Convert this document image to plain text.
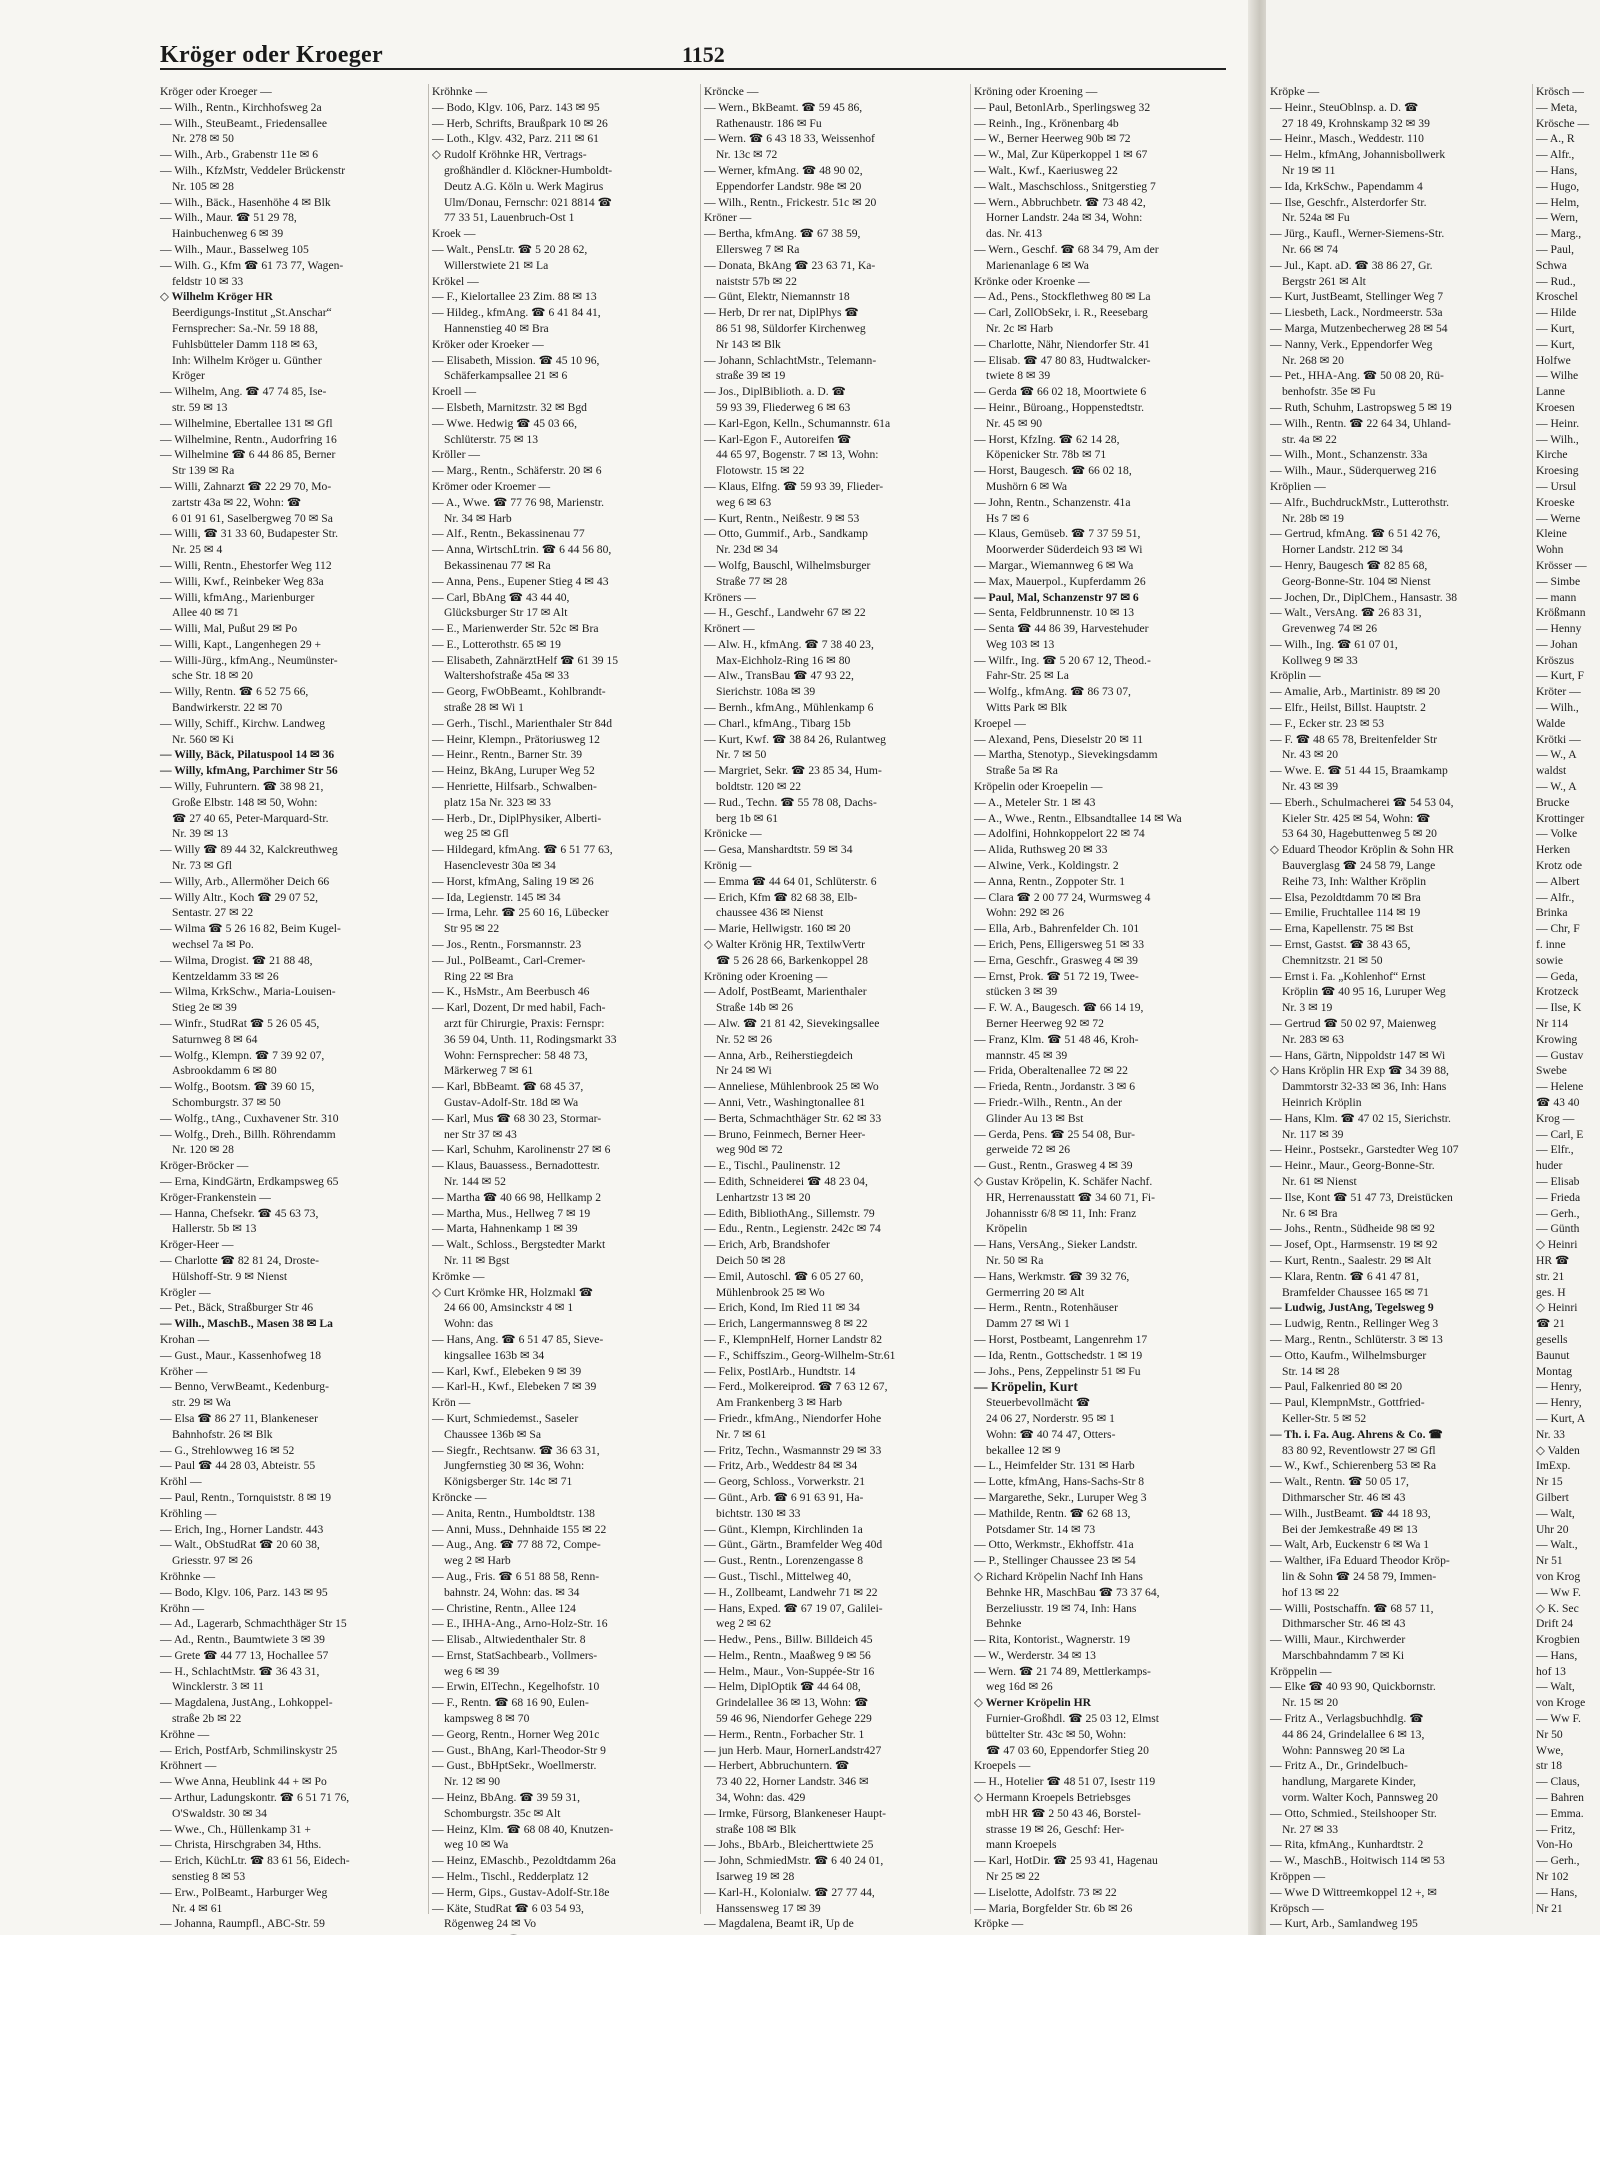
Kröger oder Kroeger	1152
Kröger oder Kroeger —
— Wilh., Rentn., Kirchhofsweg 2a
— Wilh., SteuBeamt., Friedensallee
Nr. 278 ✉ 50
— Wilh., Arb., Grabenstr 11e ✉ 6
— Wilh., KfzMstr, Veddeler Brückenstr
Nr. 105 ✉ 28
— Wilh., Bäck., Hasenhöhe 4 ✉ Blk
— Wilh., Maur. ☎ 51 29 78,
Hainbuchenweg 6 ✉ 39
— Wilh., Maur., Basselweg 105
— Wilh. G., Kfm ☎ 61 73 77, Wagen-
feldstr 10 ✉ 33
◇ Wilhelm Kröger HR
Beerdigungs-Institut „St.Anschar“
Fernsprecher: Sa.-Nr. 59 18 88,
Fuhlsbütteler Damm 118 ✉ 63,
Inh: Wilhelm Kröger u. Günther
Kröger
— Wilhelm, Ang. ☎ 47 74 85, Ise-
str. 59 ✉ 13
— Wilhelmine, Ebertallee 131 ✉ Gfl
— Wilhelmine, Rentn., Audorfring 16
— Wilhelmine ☎ 6 44 86 85, Berner
Str 139 ✉ Ra
— Willi, Zahnarzt ☎ 22 29 70, Mo-
zartstr 43a ✉ 22, Wohn: ☎
6 01 91 61, Saselbergweg 70 ✉ Sa
— Willi, ☎ 31 33 60, Budapester Str.
Nr. 25 ✉ 4
— Willi, Rentn., Ehestorfer Weg 112
— Willi, Kwf., Reinbeker Weg 83a
— Willi, kfmAng., Marienburger
Allee 40 ✉ 71
— Willi, Mal, Pußut 29 ✉ Po
— Willi, Kapt., Langenhegen 29 +
— Willi-Jürg., kfmAng., Neumünster-
sche Str. 18 ✉ 20
— Willy, Rentn. ☎ 6 52 75 66,
Bandwirkerstr. 22 ✉ 70
— Willy, Schiff., Kirchw. Landweg
Nr. 560 ✉ Ki
— Willy, Bäck, Pilatuspool 14 ✉ 36
— Willy, kfmAng, Parchimer Str 56
— Willy, Fuhruntern. ☎ 38 98 21,
Große Elbstr. 148 ✉ 50, Wohn:
☎ 27 40 65, Peter-Marquard-Str.
Nr. 39 ✉ 13
— Willy ☎ 89 44 32, Kalckreuthweg
Nr. 73 ✉ Gfl
— Willy, Arb., Allermöher Deich 66
— Willy Altr., Koch ☎ 29 07 52,
Sentastr. 27 ✉ 22
— Wilma ☎ 5 26 16 82, Beim Kugel-
wechsel 7a ✉ Po.
— Wilma, Drogist. ☎ 21 88 48,
Kentzeldamm 33 ✉ 26
— Wilma, KrkSchw., Maria-Louisen-
Stieg 2e ✉ 39
— Winfr., StudRat ☎ 5 26 05 45,
Saturnweg 8 ✉ 64
— Wolfg., Klempn. ☎ 7 39 92 07,
Asbrookdamm 6 ✉ 80
— Wolfg., Bootsm. ☎ 39 60 15,
Schomburgstr. 37 ✉ 50
— Wolfg., tAng., Cuxhavener Str. 310
— Wolfg., Dreh., Billh. Röhrendamm
Nr. 120 ✉ 28
Kröger-Bröcker —
— Erna, KindGärtn, Erdkampsweg 65
Kröger-Frankenstein —
— Hanna, Chefsekr. ☎ 45 63 73,
Hallerstr. 5b ✉ 13
Kröger-Heer —
— Charlotte ☎ 82 81 24, Droste-
Hülshoff-Str. 9 ✉ Nienst
Krögler —
— Pet., Bäck, Straßburger Str 46
— Wilh., MaschB., Masen 38 ✉ La
Krohan —
— Gust., Maur., Kassenhofweg 18
Kröher —
— Benno, VerwBeamt., Kedenburg-
str. 29 ✉ Wa
— Elsa ☎ 86 27 11, Blankeneser
Bahnhofstr. 26 ✉ Blk
— G., Strehlowweg 16 ✉ 52
— Paul ☎ 44 28 03, Abteistr. 55
Kröhl —
— Paul, Rentn., Tornquiststr. 8 ✉ 19
Kröhling —
— Erich, Ing., Horner Landstr. 443
— Walt., ObStudRat ☎ 20 60 38,
Griesstr. 97 ✉ 26
Kröhnke —
— Bodo, Klgv. 106, Parz. 143 ✉ 95
Kröhn —
— Ad., Lagerarb, Schmachthäger Str 15
— Ad., Rentn., Baumtwiete 3 ✉ 39
— Grete ☎ 44 77 13, Hochallee 57
— H., SchlachtMstr. ☎ 36 43 31,
Wincklerstr. 3 ✉ 11
— Magdalena, JustAng., Lohkoppel-
straße 2b ✉ 22
Kröhne —
— Erich, PostfArb, Schmilinskystr 25
Kröhnert —
— Wwe Anna, Heublink 44 + ✉ Po
— Arthur, Ladungskontr. ☎ 6 51 71 76,
O'Swaldstr. 30 ✉ 34
— Wwe., Ch., Hüllenkamp 31 +
— Christa, Hirschgraben 34, Hths.
— Erich, KüchLtr. ☎ 83 61 56, Eidech-
senstieg 8 ✉ 53
— Erw., PolBeamt., Harburger Weg
Nr. 4 ✉ 61
— Johanna, Raumpfl., ABC-Str. 59
Kröhnke —
— Bodo, Klgv. 106, Parz. 143 ✉ 95
— Herb, Schrifts, Braußpark 10 ✉ 26
— Loth., Klgv. 432, Parz. 211 ✉ 61
◇ Rudolf Kröhnke HR, Vertrags-
großhändler d. Klöckner-Humboldt-
Deutz A.G. Köln u. Werk Magirus
Ulm/Donau, Fernschr: 021 8814 ☎
77 33 51, Lauenbruch-Ost 1
Kroek —
— Walt., PensLtr. ☎ 5 20 28 62,
Willerstwiete 21 ✉ La
Krökel —
— F., Kielortallee 23 Zim. 88 ✉ 13
— Hildeg., kfmAng. ☎ 6 41 84 41,
Hannenstieg 40 ✉ Bra
Kröker oder Kroeker —
— Elisabeth, Mission. ☎ 45 10 96,
Schäferkampsallee 21 ✉ 6
Kroell —
— Elsbeth, Marnitzstr. 32 ✉ Bgd
— Wwe. Hedwig ☎ 45 03 66,
Schlüterstr. 75 ✉ 13
Kröller —
— Marg., Rentn., Schäferstr. 20 ✉ 6
Krömer oder Kroemer —
— A., Wwe. ☎ 77 76 98, Marienstr.
Nr. 34 ✉ Harb
— Alf., Rentn., Bekassinenau 77
— Anna, WirtschLtrin. ☎ 6 44 56 80,
Bekassinenau 77 ✉ Ra
— Anna, Pens., Eupener Stieg 4 ✉ 43
— Carl, BbAng ☎ 43 44 40,
Glücksburger Str 17 ✉ Alt
— E., Marienwerder Str. 52c ✉ Bra
— E., Lotterothstr. 65 ✉ 19
— Elisabeth, ZahnärztHelf ☎ 61 39 15
Waltershofstraße 45a ✉ 33
— Georg, FwObBeamt., Kohlbrandt-
straße 28 ✉ Wi 1
— Gerh., Tischl., Marienthaler Str 84d
— Heinr, Klempn., Prätoriusweg 12
— Heinr., Rentn., Barner Str. 39
— Heinz, BkAng, Luruper Weg 52
— Henriette, Hilfsarb., Schwalben-
platz 15a Nr. 323 ✉ 33
— Herb., Dr., DiplPhysiker, Alberti-
weg 25 ✉ Gfl
— Hildegard, kfmAng. ☎ 6 51 77 63,
Hasenclevestr 30a ✉ 34
— Horst, kfmAng, Saling 19 ✉ 26
— Ida, Legienstr. 145 ✉ 34
— Irma, Lehr. ☎ 25 60 16, Lübecker
Str 95 ✉ 22
— Jos., Rentn., Forsmannstr. 23
— Jul., PolBeamt., Carl-Cremer-
Ring 22 ✉ Bra
— K., HsMstr., Am Beerbusch 46
— Karl, Dozent, Dr med habil, Fach-
arzt für Chirurgie, Praxis: Fernspr:
36 59 04, Unth. 11, Rodingsmarkt 33
Wohn: Fernsprecher: 58 48 73,
Märkerweg 7 ✉ 61
— Karl, BbBeamt. ☎ 68 45 37,
Gustav-Adolf-Str. 18d ✉ Wa
— Karl, Mus ☎ 68 30 23, Stormar-
ner Str 37 ✉ 43
— Karl, Schuhm, Karolinenstr 27 ✉ 6
— Klaus, Bauassess., Bernadottestr.
Nr. 144 ✉ 52
— Martha ☎ 40 66 98, Hellkamp 2
— Martha, Mus., Hellweg 7 ✉ 19
— Marta, Hahnenkamp 1 ✉ 39
— Walt., Schloss., Bergstedter Markt
Nr. 11 ✉ Bgst
Krömke —
◇ Curt Krömke HR, Holzmakl ☎
24 66 00, Amsinckstr 4 ✉ 1
Wohn: das
— Hans, Ang. ☎ 6 51 47 85, Sieve-
kingsallee 163b ✉ 34
— Karl, Kwf., Elebeken 9 ✉ 39
— Karl-H., Kwf., Elebeken 7 ✉ 39
Krön —
— Kurt, Schmiedemst., Saseler
Chaussee 136b ✉ Sa
— Siegfr., Rechtsanw. ☎ 36 63 31,
Jungfernstieg 30 ✉ 36, Wohn:
Königsberger Str. 14c ✉ 71
Kröncke —
— Anita, Rentn., Humboldtstr. 138
— Anni, Muss., Dehnhaide 155 ✉ 22
— Aug., Ang. ☎ 77 88 72, Compe-
weg 2 ✉ Harb
— Aug., Fris. ☎ 6 51 88 58, Renn-
bahnstr. 24, Wohn: das. ✉ 34
— Christine, Rentn., Allee 124
— E., IHHA-Ang., Arno-Holz-Str. 16
— Elisab., Altwiedenthaler Str. 8
— Ernst, StatSachbearb., Vollmers-
weg 6 ✉ 39
— Erwin, ElTechn., Kegelhofstr. 10
— F., Rentn. ☎ 68 16 90, Eulen-
kampsweg 8 ✉ 70
— Georg, Rentn., Horner Weg 201c
— Gust., BhAng, Karl-Theodor-Str 9
— Gust., BbHptSekr., Woellmerstr.
Nr. 12 ✉ 90
— Heinz, BbAng. ☎ 39 59 31,
Schomburgstr. 35c ✉ Alt
— Heinz, Klm. ☎ 68 08 40, Knutzen-
weg 10 ✉ Wa
— Heinz, EMaschb., Pezoldtdamm 26a
— Helm., Tischl., Redderplatz 12
— Herm, Gips., Gustav-Adolf-Str.18e
— Käte, StudRat ☎ 6 03 54 93,
Rögenweg 24 ✉ Vo
Kröncke —
— Wern., BkBeamt. ☎ 59 45 86,
Rathenaustr. 186 ✉ Fu
— Wern. ☎ 6 43 18 33, Weissenhof
Nr. 13c ✉ 72
— Werner, kfmAng. ☎ 48 90 02,
Eppendorfer Landstr. 98e ✉ 20
— Wilh., Rentn., Frickestr. 51c ✉ 20
Kröner —
— Bertha, kfmAng. ☎ 67 38 59,
Ellersweg 7 ✉ Ra
— Donata, BkAng ☎ 23 63 71, Ka-
naiststr 57b ✉ 22
— Günt, Elektr, Niemannstr 18
— Herb, Dr rer nat, DiplPhys ☎
86 51 98, Süldorfer Kirchenweg
Nr 143 ✉ Blk
— Johann, SchlachtMstr., Telemann-
straße 39 ✉ 19
— Jos., DiplBiblioth. a. D. ☎
59 93 39, Fliederweg 6 ✉ 63
— Karl-Egon, Kelln., Schumannstr. 61a
— Karl-Egon F., Autoreifen ☎
44 65 97, Bogenstr. 7 ✉ 13, Wohn:
Flotowstr. 15 ✉ 22
— Klaus, Elfng. ☎ 59 93 39, Flieder-
weg 6 ✉ 63
— Kurt, Rentn., Neißestr. 9 ✉ 53
— Otto, Gummif., Arb., Sandkamp
Nr. 23d ✉ 34
— Wolfg, Bauschl, Wilhelmsburger
Straße 77 ✉ 28
Kröners —
— H., Geschf., Landwehr 67 ✉ 22
Krönert —
— Alw. H., kfmAng. ☎ 7 38 40 23,
Max-Eichholz-Ring 16 ✉ 80
— Alw., TransBau ☎ 47 93 22,
Sierichstr. 108a ✉ 39
— Bernh., kfmAng., Mühlenkamp 6
— Charl., kfmAng., Tibarg 15b
— Kurt, Kwf. ☎ 38 84 26, Rulantweg
Nr. 7 ✉ 50
— Margriet, Sekr. ☎ 23 85 34, Hum-
boldtstr. 120 ✉ 22
— Rud., Techn. ☎ 55 78 08, Dachs-
berg 1b ✉ 61
Krönicke —
— Gesa, Manshardtstr. 59 ✉ 34
Krönig —
— Emma ☎ 44 64 01, Schlüterstr. 6
— Erich, Kfm ☎ 82 68 38, Elb-
chaussee 436 ✉ Nienst
— Marie, Hellwigstr. 160 ✉ 20
◇ Walter Krönig HR, TextilwVertr
☎ 5 26 28 66, Barkenkoppel 28
Kröning oder Kroening —
— Adolf, PostBeamt, Marienthaler
Straße 14b ✉ 26
— Alw. ☎ 21 81 42, Sievekingsallee
Nr. 52 ✉ 26
— Anna, Arb., Reiherstiegdeich
Nr 24 ✉ Wi
— Anneliese, Mühlenbrook 25 ✉ Wo
— Anni, Vetr., Washingtonallee 81
— Berta, Schmachthäger Str. 62 ✉ 33
— Bruno, Feinmech, Berner Heer-
weg 90d ✉ 72
— E., Tischl., Paulinenstr. 12
— Edith, Schneiderei ☎ 48 23 04,
Lenhartzstr 13 ✉ 20
— Edith, BibliothAng., Sillemstr. 79
— Edu., Rentn., Legienstr. 242c ✉ 74
— Erich, Arb, Brandshofer
Deich 50 ✉ 28
— Emil, Autoschl. ☎ 6 05 27 60,
Mühlenbrook 25 ✉ Wo
— Erich, Kond, Im Ried 11 ✉ 34
— Erich, Langermannsweg 8 ✉ 22
— F., KlempnHelf, Horner Landstr 82
— F., Schiffszim., Georg-Wilhelm-Str.61
— Felix, PostlArb., Hundtstr. 14
— Ferd., Molkereiprod. ☎ 7 63 12 67,
Am Frankenberg 3 ✉ Harb
— Friedr., kfmAng., Niendorfer Hohe
Nr. 7 ✉ 61
— Fritz, Techn., Wasmannstr 29 ✉ 33
— Fritz, Arb., Weddestr 84 ✉ 34
— Georg, Schloss., Vorwerkstr. 21
— Günt., Arb. ☎ 6 91 63 91, Ha-
bichtstr. 130 ✉ 33
— Günt., Klempn, Kirchlinden 1a
— Günt., Gärtn., Bramfelder Weg 40d
— Gust., Rentn., Lorenzengasse 8
— Gust., Tischl., Mittelweg 40,
— H., Zollbeamt, Landwehr 71 ✉ 22
— Hans, Exped. ☎ 67 19 07, Galilei-
weg 2 ✉ 62
— Hedw., Pens., Billw. Billdeich 45
— Helm., Rentn., Maaßweg 9 ✉ 56
— Helm., Maur., Von-Suppée-Str 16
— Helm, DiplOptik ☎ 44 64 08,
Grindelallee 36 ✉ 13, Wohn: ☎
59 46 96, Niendorfer Gehege 229
— Herm., Rentn., Forbacher Str. 1
— jun Herb. Maur, HornerLandstr427
— Herbert, Abbruchuntern. ☎
73 40 22, Horner Landstr. 346 ✉
34, Wohn: das. 429
— Irmke, Fürsorg, Blankeneser Haupt-
straße 108 ✉ Blk
— Johs., BbArb., Bleicherttwiete 25
— John, SchmiedMstr. ☎ 6 40 24 01,
Isarweg 19 ✉ 28
— Karl-H., Kolonialw. ☎ 27 77 44,
Hanssensweg 17 ✉ 39
— Magdalena, Beamt iR, Up de
Kröning oder Kroening —
— Paul, BetonlArb., Sperlingsweg 32
— Reinh., Ing., Krönenbarg 4b
— W., Berner Heerweg 90b ✉ 72
— W., Mal, Zur Küperkoppel 1 ✉ 67
— Walt., Kwf., Kaeriusweg 22
— Walt., Maschschloss., Snitgerstieg 7
— Wern., Abbruchbetr. ☎ 73 48 42,
Horner Landstr. 24a ✉ 34, Wohn:
das. Nr. 413
— Wern., Geschf. ☎ 68 34 79, Am der
Marienanlage 6 ✉ Wa
Krönke oder Kroenke —
— Ad., Pens., Stockflethweg 80 ✉ La
— Carl, ZollObSekr, i. R., Reesebarg
Nr. 2c ✉ Harb
— Charlotte, Nähr, Niendorfer Str. 41
— Elisab. ☎ 47 80 83, Hudtwalcker-
twiete 8 ✉ 39
— Gerda ☎ 66 02 18, Moortwiete 6
— Heinr., Büroang., Hoppenstedtstr.
Nr. 45 ✉ 90
— Horst, KfzIng. ☎ 62 14 28,
Köpenicker Str. 78b ✉ 71
— Horst, Baugesch. ☎ 66 02 18,
Mushörn 6 ✉ Wa
— John, Rentn., Schanzenstr. 41a
Hs 7 ✉ 6
— Klaus, Gemüseb. ☎ 7 37 59 51,
Moorwerder Süderdeich 93 ✉ Wi
— Margar., Wiemannweg 6 ✉ Wa
— Max, Mauerpol., Kupferdamm 26
— Paul, Mal, Schanzenstr 97 ✉ 6
— Senta, Feldbrunnenstr. 10 ✉ 13
— Senta ☎ 44 86 39, Harvestehuder
Weg 103 ✉ 13
— Wilfr., Ing. ☎ 5 20 67 12, Theod.-
Fahr-Str. 25 ✉ La
— Wolfg., kfmAng. ☎ 86 73 07,
Witts Park ✉ Blk
Kroepel —
— Alexand, Pens, Dieselstr 20 ✉ 11
— Martha, Stenotyp., Sievekingsdamm
Straße 5a ✉ Ra
Kröpelin oder Kroepelin —
— A., Meteler Str. 1 ✉ 43
— A., Wwe., Rentn., Elbsandtallee 14 ✉ Wa
— Adolfini, Hohnkoppelort 22 ✉ 74
— Alida, Ruthsweg 20 ✉ 33
— Alwine, Verk., Koldingstr. 2
— Anna, Rentn., Zoppoter Str. 1
— Clara ☎ 2 00 77 24, Wurmsweg 4
Wohn: 292 ✉ 26
— Ella, Arb., Bahrenfelder Ch. 101
— Erich, Pens, Elligersweg 51 ✉ 33
— Erna, Geschfr., Grasweg 4 ✉ 39
— Ernst, Prok. ☎ 51 72 19, Twee-
stücken 3 ✉ 39
— F. W. A., Baugesch. ☎ 66 14 19,
Berner Heerweg 92 ✉ 72
— Franz, Klm. ☎ 51 48 46, Kroh-
mannstr. 45 ✉ 39
— Frida, Oberaltenallee 72 ✉ 22
— Frieda, Rentn., Jordanstr. 3 ✉ 6
— Friedr.-Wilh., Rentn., An der
Glinder Au 13 ✉ Bst
— Gerda, Pens. ☎ 25 54 08, Bur-
gerweide 72 ✉ 26
— Gust., Rentn., Grasweg 4 ✉ 39
◇ Gustav Kröpelin, K. Schäfer Nachf.
HR, Herrenausstatt ☎ 34 60 71, Fi-
Johannisstr 6/8 ✉ 11, Inh: Franz
Kröpelin
— Hans, VersAng., Sieker Landstr.
Nr. 50 ✉ Ra
— Hans, Werkmstr. ☎ 39 32 76,
Germerring 20 ✉ Alt
— Herm., Rentn., Rotenhäuser
Damm 27 ✉ Wi 1
— Horst, Postbeamt, Langenrehm 17
— Ida, Rentn., Gottschedstr. 1 ✉ 19
— Johs., Pens, Zeppelinstr 51 ✉ Fu
— Kröpelin, Kurt
Steuerbevollmächt ☎
24 06 27, Norderstr. 95 ✉ 1
Wohn: ☎ 40 74 47, Otters-
bekallee 12 ✉ 9
— L., Heimfelder Str. 131 ✉ Harb
— Lotte, kfmAng, Hans-Sachs-Str 8
— Margarethe, Sekr., Luruper Weg 3
— Mathilde, Rentn. ☎ 62 68 13,
Potsdamer Str. 14 ✉ 73
— Otto, Werkmstr., Ekhoffstr. 41a
— P., Stellinger Chaussee 23 ✉ 54
◇ Richard Kröpelin Nachf Inh Hans
Behnke HR, MaschBau ☎ 73 37 64,
Berzeliusstr. 19 ✉ 74, Inh: Hans
Behnke
— Rita, Kontorist., Wagnerstr. 19
— W., Werderstr. 34 ✉ 13
— Wern. ☎ 21 74 89, Mettlerkamps-
weg 16d ✉ 26
◇ Werner Kröpelin HR
Furnier-Großhdl. ☎ 25 03 12, Elmst
büttelter Str. 43c ✉ 50, Wohn:
☎ 47 03 60, Eppendorfer Stieg 20
Kroepels —
— H., Hotelier ☎ 48 51 07, Isestr 119
◇ Hermann Kroepels Betriebsges
mbH HR ☎ 2 50 43 46, Borstel-
strasse 19 ✉ 26, Geschf: Her-
mann Kroepels
— Karl, HotDir. ☎ 25 93 41, Hagenau
Nr 25 ✉ 22
— Liselotte, Adolfstr. 73 ✉ 22
— Maria, Borgfelder Str. 6b ✉ 26
Kröpke —
Kröpke —
— Heinr., SteuOblnsp. a. D. ☎
27 18 49, Krohnskamp 32 ✉ 39
— Heinr., Masch., Weddestr. 110
— Helm., kfmAng, Johannisbollwerk
Nr 19 ✉ 11
— Ida, KrkSchw., Papendamm 4
— Ilse, Geschfr., Alsterdorfer Str.
Nr. 524a ✉ Fu
— Jürg., Kaufl., Werner-Siemens-Str.
Nr. 66 ✉ 74
— Jul., Kapt. aD. ☎ 38 86 27, Gr.
Bergstr 261 ✉ Alt
— Kurt, JustBeamt, Stellinger Weg 7
— Liesbeth, Lack., Nordmeerstr. 53a
— Marga, Mutzenbecherweg 28 ✉ 54
— Nanny, Verk., Eppendorfer Weg
Nr. 268 ✉ 20
— Pet., HHA-Ang. ☎ 50 08 20, Rü-
benhofstr. 35e ✉ Fu
— Ruth, Schuhm, Lastropsweg 5 ✉ 19
— Wilh., Rentn. ☎ 22 64 34, Uhland-
str. 4a ✉ 22
— Wilh., Mont., Schanzenstr. 33a
— Wilh., Maur., Süderquerweg 216
Kröplien —
— Alfr., BuchdruckMstr., Lutterothstr.
Nr. 28b ✉ 19
— Gertrud, kfmAng. ☎ 6 51 42 76,
Horner Landstr. 212 ✉ 34
— Henry, Baugesch ☎ 82 85 68,
Georg-Bonne-Str. 104 ✉ Nienst
— Jochen, Dr., DiplChem., Hansastr. 38
— Walt., VersAng. ☎ 26 83 31,
Grevenweg 74 ✉ 26
— Wilh., Ing. ☎ 61 07 01,
Kollweg 9 ✉ 33
Kröplin —
— Amalie, Arb., Martinistr. 89 ✉ 20
— Elfr., Heilst, Billst. Hauptstr. 2
— F., Ecker str. 23 ✉ 53
— F. ☎ 48 65 78, Breitenfelder Str
Nr. 43 ✉ 20
— Wwe. E. ☎ 51 44 15, Braamkamp
Nr. 43 ✉ 39
— Eberh., Schulmacherei ☎ 54 53 04,
Kieler Str. 425 ✉ 54, Wohn: ☎
53 64 30, Hagebuttenweg 5 ✉ 20
◇ Eduard Theodor Kröplin & Sohn HR
Bauverglasg ☎ 24 58 79, Lange
Reihe 73, Inh: Walther Kröplin
— Elsa, Pezoldtdamm 70 ✉ Bra
— Emilie, Fruchtallee 114 ✉ 19
— Erna, Kapellenstr. 75 ✉ Bst
— Ernst, Gastst. ☎ 38 43 65,
Chemnitzstr. 21 ✉ 50
— Ernst i. Fa. „Kohlenhof“ Ernst
Kröplin ☎ 40 95 16, Luruper Weg
Nr. 3 ✉ 19
— Gertrud ☎ 50 02 97, Maienweg
Nr. 283 ✉ 63
— Hans, Gärtn, Nippoldstr 147 ✉ Wi
◇ Hans Kröplin HR Exp ☎ 34 39 88,
Dammtorstr 32-33 ✉ 36, Inh: Hans
Heinrich Kröplin
— Hans, Klm. ☎ 47 02 15, Sierichstr.
Nr. 117 ✉ 39
— Heinr., Postsekr., Garstedter Weg 107
— Heinr., Maur., Georg-Bonne-Str.
Nr. 61 ✉ Nienst
— Ilse, Kont ☎ 51 47 73, Dreistücken
Nr. 6 ✉ Bra
— Johs., Rentn., Südheide 98 ✉ 92
— Josef, Opt., Harmsenstr. 19 ✉ 92
— Kurt, Rentn., Saalestr. 29 ✉ Alt
— Klara, Rentn. ☎ 6 41 47 81,
Bramfelder Chaussee 165 ✉ 71
— Ludwig, JustAng, Tegelsweg 9
— Ludwig, Rentn., Rellinger Weg 3
— Marg., Rentn., Schlüterstr. 3 ✉ 13
— Otto, Kaufm., Wilhelmsburger
Str. 14 ✉ 28
— Paul, Falkenried 80 ✉ 20
— Paul, KlempnMstr., Gottfried-
Keller-Str. 5 ✉ 52
— Th. i. Fa. Aug. Ahrens & Co. ☎
83 80 92, Reventlowstr 27 ✉ Gfl
— W., Kwf., Schierenberg 53 ✉ Ra
— Walt., Rentn. ☎ 50 05 17,
Dithmarscher Str. 46 ✉ 43
— Wilh., JustBeamt. ☎ 44 18 93,
Bei der Jemkestraße 49 ✉ 13
— Walt, Arb, Euckenstr 6 ✉ Wa 1
— Walther, iFa Eduard Theodor Kröp-
lin & Sohn ☎ 24 58 79, Immen-
hof 13 ✉ 22
— Willi, Postschaffn. ☎ 68 57 11,
Dithmarscher Str. 46 ✉ 43
— Willi, Maur., Kirchwerder
Marschbahndamm 7 ✉ Ki
Kröppelin —
— Elke ☎ 40 93 90, Quickbornstr.
Nr. 15 ✉ 20
— Fritz A., Verlagsbuchhdlg. ☎
44 86 24, Grindelallee 6 ✉ 13,
Wohn: Pannsweg 20 ✉ La
— Fritz A., Dr., Grindelbuch-
handlung, Margarete Kinder,
vorm. Walter Koch, Pannsweg 20
— Otto, Schmied., Steilshooper Str.
Nr. 27 ✉ 33
— Rita, kfmAng., Kunhardtstr. 2
— W., MaschB., Hoitwisch 114 ✉ 53
Kröppen —
— Wwe D Wittreemkoppel 12 +, ✉
Kröpsch —
— Kurt, Arb., Samlandweg 195
Krösch —
— Meta,
Krösche —
— A., R
— Alfr.,
— Hans,
— Hugo,
— Helm,
— Wern,
— Marg.,
— Paul,
Schwa
— Rud.,
Kroschel
— Hilde
— Kurt,
— Kurt,
Holfwe
— Wilhe
Lanne
Kroesen
— Heinr.
— Wilh.,
Kirche
Kroesing
— Ursul
Kroeske
— Werne
Kleine
Wohn
Krösser —
— Simbe
— mann
Krößmann
— Henny
— Johan
Kröszus
— Kurt, F
Kröter —
— Wilh.,
Walde
Krötki —
— W., A
waldst
— W., A
Brucke
Krottinger
— Volke
Herken
Krotz ode
— Albert
— Alfr.,
Brinka
— Chr, F
f. inne
sowie
— Geda,
Krotzeck
— Ilse, K
Nr 114
Krowing
— Gustav
Swebe
— Helene
☎ 43 40
Krog —
— Carl, E
— Elfr.,
huder
— Elisab
— Frieda
— Gerh.,
— Günth
◇ Heinri
HR ☎
str. 21
ges. H
◇ Heinri
☎ 21
gesells
Baunut
Montag
— Henry,
— Henry,
— Kurt, A
Nr. 33
◇ Valden
ImExp.
Nr 15
Gilbert
— Walt,
Uhr 20
— Walt.,
Nr 51
von Krog
— Ww F.
◇ K. Sec
Drift 24
Krogbien
— Hans,
hof 13
— Walt,
von Kroge
— Ww F.
Nr 50
Wwe,
str 18
— Claus,
— Bahren
— Emma.
— Fritz,
Von-Ho
— Gerh.,
Nr 102
— Hans,
Nr 21
